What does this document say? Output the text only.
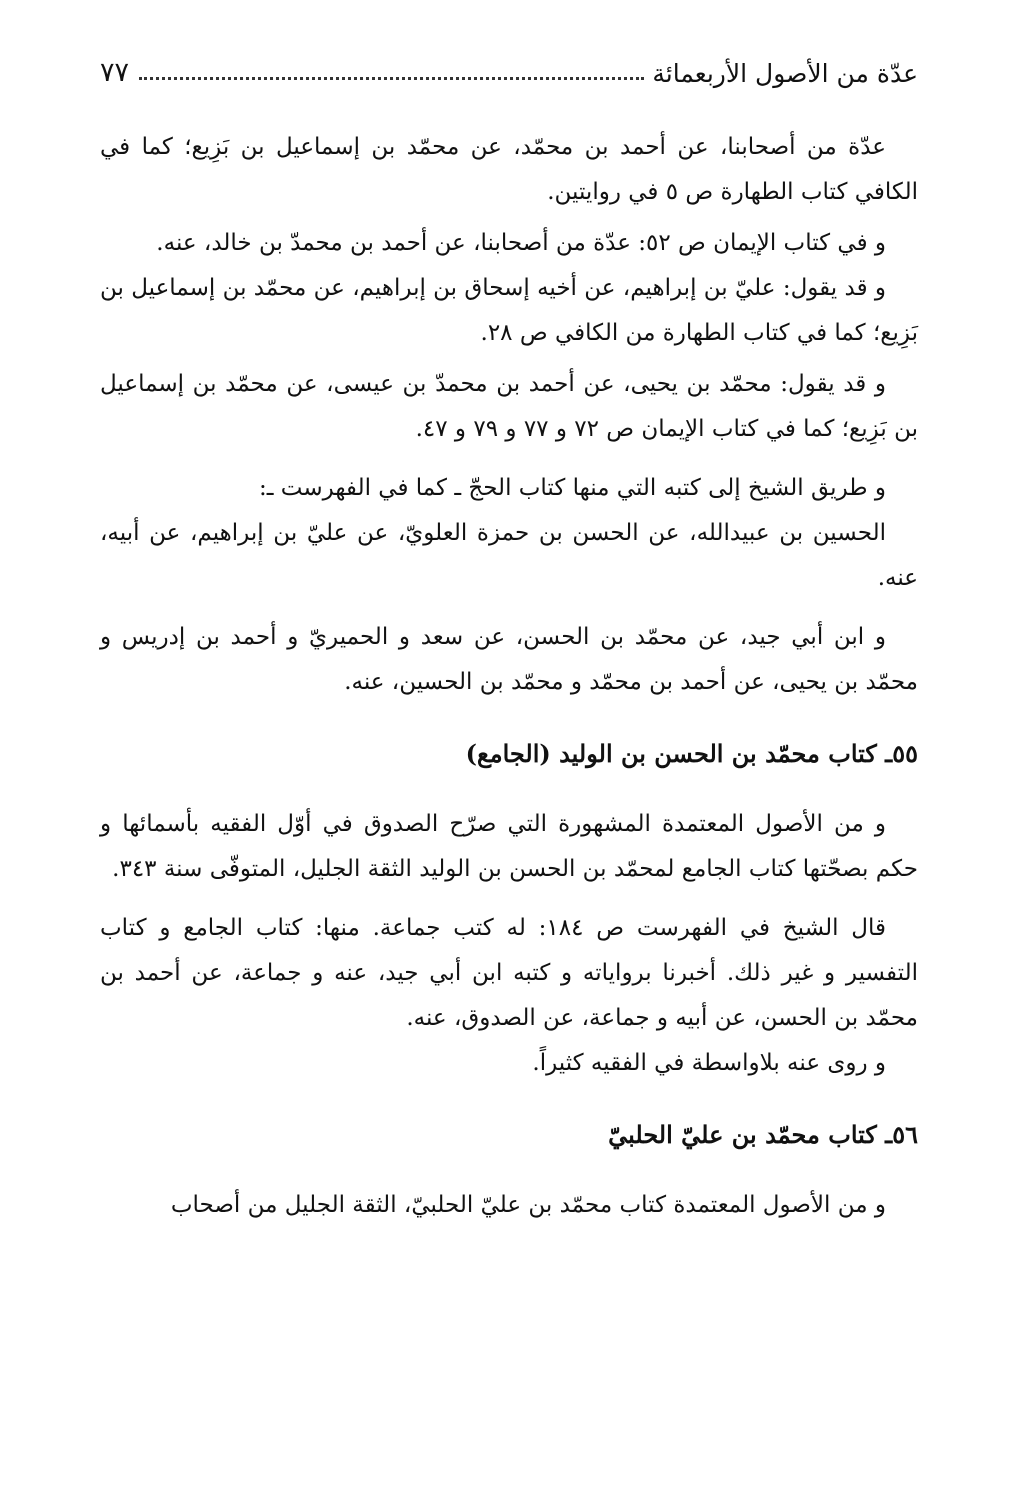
عدّة من الأصول الأربعمائة
٧٧

عدّة من أصحابنا، عن أحمد بن محمّد، عن محمّد بن إسماعيل بن بَزِيع؛ كما في الكافي كتاب الطهارة ص ٥ في روايتين.

و في كتاب الإيمان ص ٥٢: عدّة من أصحابنا، عن أحمد بن محمدّ بن خالد، عنه.

و قد يقول: عليّ بن إبراهيم، عن أخيه إسحاق بن إبراهيم، عن محمّد بن إسماعيل بن بَزِيع؛ كما في كتاب الطهارة من الكافي ص ٢٨.

و قد يقول: محمّد بن يحيى، عن أحمد بن محمدّ بن عيسى، عن محمّد بن إسماعيل بن بَزِيع؛ كما في كتاب الإيمان ص ٧٢ و ٧٧ و ٧٩ و ٤٧.

و طريق الشيخ إلى كتبه التي منها كتاب الحجّ ـ كما في الفهرست ـ:

الحسين بن عبيدالله، عن الحسن بن حمزة العلويّ، عن عليّ بن إبراهيم، عن أبيه، عنه.

و ابن أبي جيد، عن محمّد بن الحسن، عن سعد و الحميريّ و أحمد بن إدريس و محمّد بن يحيى، عن أحمد بن محمّد و محمّد بن الحسين، عنه.

٥٥ـ كتاب محمّد بن الحسن بن الوليد (الجامع)

و من الأصول المعتمدة المشهورة التي صرّح الصدوق في أوّل الفقيه بأسمائها و حكم بصحّتها كتاب الجامع لمحمّد بن الحسن بن الوليد الثقة الجليل، المتوفّى سنة ٣٤٣.

قال الشيخ في الفهرست ص ١٨٤: له كتب جماعة. منها: كتاب الجامع و كتاب التفسير و غير ذلك. أخبرنا برواياته و كتبه ابن أبي جيد، عنه و جماعة، عن أحمد بن محمّد بن الحسن، عن أبيه و جماعة، عن الصدوق، عنه.

و روى عنه بلاواسطة في الفقيه كثيراً.

٥٦ـ كتاب محمّد بن عليّ الحلبيّ

و من الأصول المعتمدة كتاب محمّد بن عليّ الحلبيّ، الثقة الجليل من أصحاب
